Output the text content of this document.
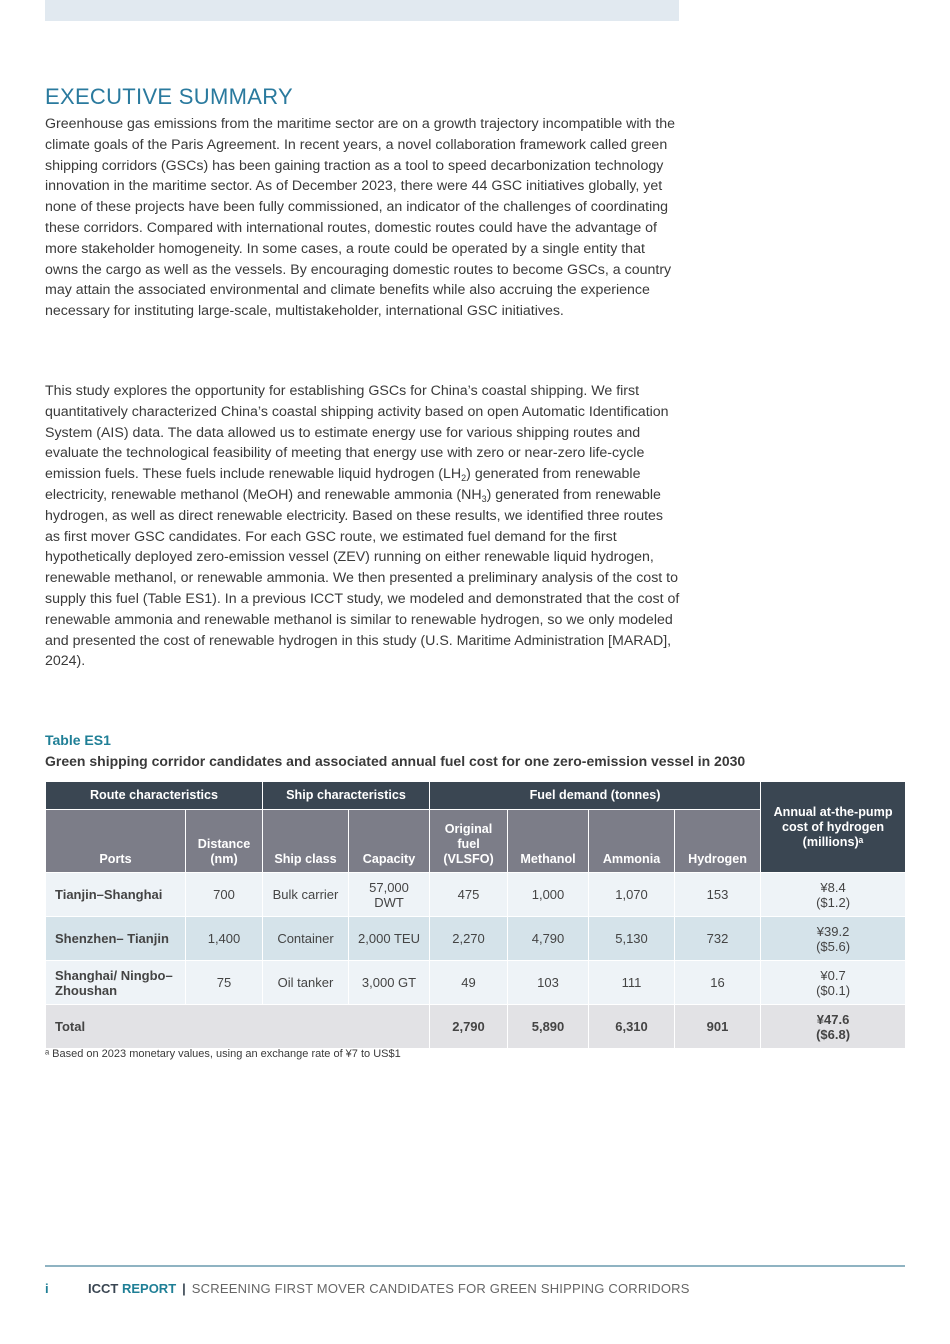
EXECUTIVE SUMMARY

Greenhouse gas emissions from the maritime sector are on a growth trajectory incompatible with the climate goals of the Paris Agreement. In recent years, a novel collaboration framework called green shipping corridors (GSCs) has been gaining traction as a tool to speed decarbonization technology innovation in the maritime sector. As of December 2023, there were 44 GSC initiatives globally, yet none of these projects have been fully commissioned, an indicator of the challenges of coordinating these corridors. Compared with international routes, domestic routes could have the advantage of more stakeholder homogeneity. In some cases, a route could be operated by a single entity that owns the cargo as well as the vessels. By encouraging domestic routes to become GSCs, a country may attain the associated environmental and climate benefits while also accruing the experience necessary for instituting large-scale, multistakeholder, international GSC initiatives.

This study explores the opportunity for establishing GSCs for China’s coastal shipping. We first quantitatively characterized China’s coastal shipping activity based on open Automatic Identification System (AIS) data. The data allowed us to estimate energy use for various shipping routes and evaluate the technological feasibility of meeting that energy use with zero or near-zero life-cycle emission fuels. These fuels include renewable liquid hydrogen $(LH_2)$ generated from renewable electricity, renewable methanol (MeOH) and renewable ammonia $(NH_3)$ generated from renewable hydrogen, as well as direct renewable electricity. Based on these results, we identified three routes as first mover GSC candidates. For each GSC route, we estimated fuel demand for the first hypothetically deployed zero-emission vessel (ZEV) running on either renewable liquid hydrogen, renewable methanol, or renewable ammonia. We then presented a preliminary analysis of the cost to supply this fuel (Table ES1). In a previous ICCT study, we modeled and demonstrated that the cost of renewable ammonia and renewable methanol is similar to renewable hydrogen, so we only modeled and presented the cost of renewable hydrogen in this study (U.S. Maritime Administration [MARAD], 2024).

Table ES1
Green shipping corridor candidates and associated annual fuel cost for one zero-emission vessel in 2030
Route characteristics		Ship characteristics		Fuel demand (tonnes)				Annual at-the-pump cost of hydrogen (millions)ᵃ
Ports	Distance (nm)	Ship class	Capacity	Original fuel (VLSFO)	Methanol	Ammonia	Hydrogen	
Tianjin–Shanghai	700	Bulk carrier	57,000 DWT	475	1,000	1,070	153	¥8.4
($1.2)
Shenzhen– Tianjin	1,400	Container	2,000 TEU	2,270	4,790	5,130	732	¥39.2
($5.6)
Shanghai/ Ningbo–Zhoushan	75	Oil tanker	3,000 GT	49	103	111	16	¥0.7
($0.1)
Total				2,790	5,890	6,310	901	¥47.6
($6.8)
ᵃ Based on 2023 monetary values, using an exchange rate of ¥7 to US$1
i	ICCT REPORT | SCREENING FIRST MOVER CANDIDATES FOR GREEN SHIPPING CORRIDORS
